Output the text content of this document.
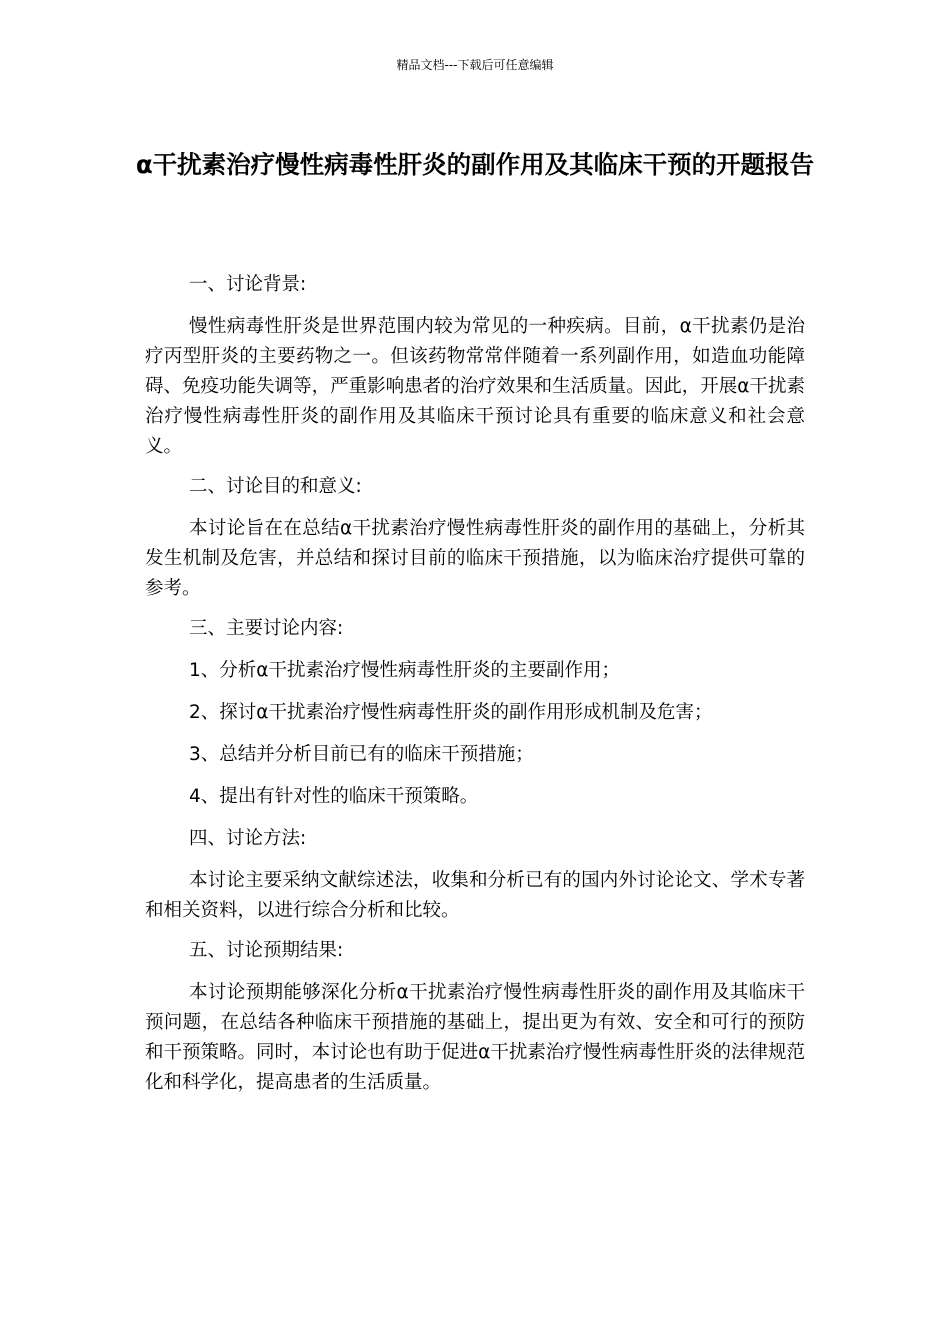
精品文档---下载后可任意编辑
α干扰素治疗慢性病毒性肝炎的副作用及其临床干预的开题报告

一、讨论背景:

慢性病毒性肝炎是世界范围内较为常见的一种疾病。目前，α干扰素仍是治疗丙型肝炎的主要药物之一。但该药物常常伴随着一系列副作用，如造血功能障碍、免疫功能失调等，严重影响患者的治疗效果和生活质量。因此，开展α干扰素治疗慢性病毒性肝炎的副作用及其临床干预讨论具有重要的临床意义和社会意义。

二、讨论目的和意义:

本讨论旨在在总结α干扰素治疗慢性病毒性肝炎的副作用的基础上，分析其发生机制及危害，并总结和探讨目前的临床干预措施，以为临床治疗提供可靠的参考。

三、主要讨论内容:

1、分析α干扰素治疗慢性病毒性肝炎的主要副作用；

2、探讨α干扰素治疗慢性病毒性肝炎的副作用形成机制及危害；

3、总结并分析目前已有的临床干预措施；

4、提出有针对性的临床干预策略。

四、讨论方法:

本讨论主要采纳文献综述法，收集和分析已有的国内外讨论论文、学术专著和相关资料，以进行综合分析和比较。

五、讨论预期结果:

本讨论预期能够深化分析α干扰素治疗慢性病毒性肝炎的副作用及其临床干预问题，在总结各种临床干预措施的基础上，提出更为有效、安全和可行的预防和干预策略。同时，本讨论也有助于促进α干扰素治疗慢性病毒性肝炎的法律规范化和科学化，提高患者的生活质量。
